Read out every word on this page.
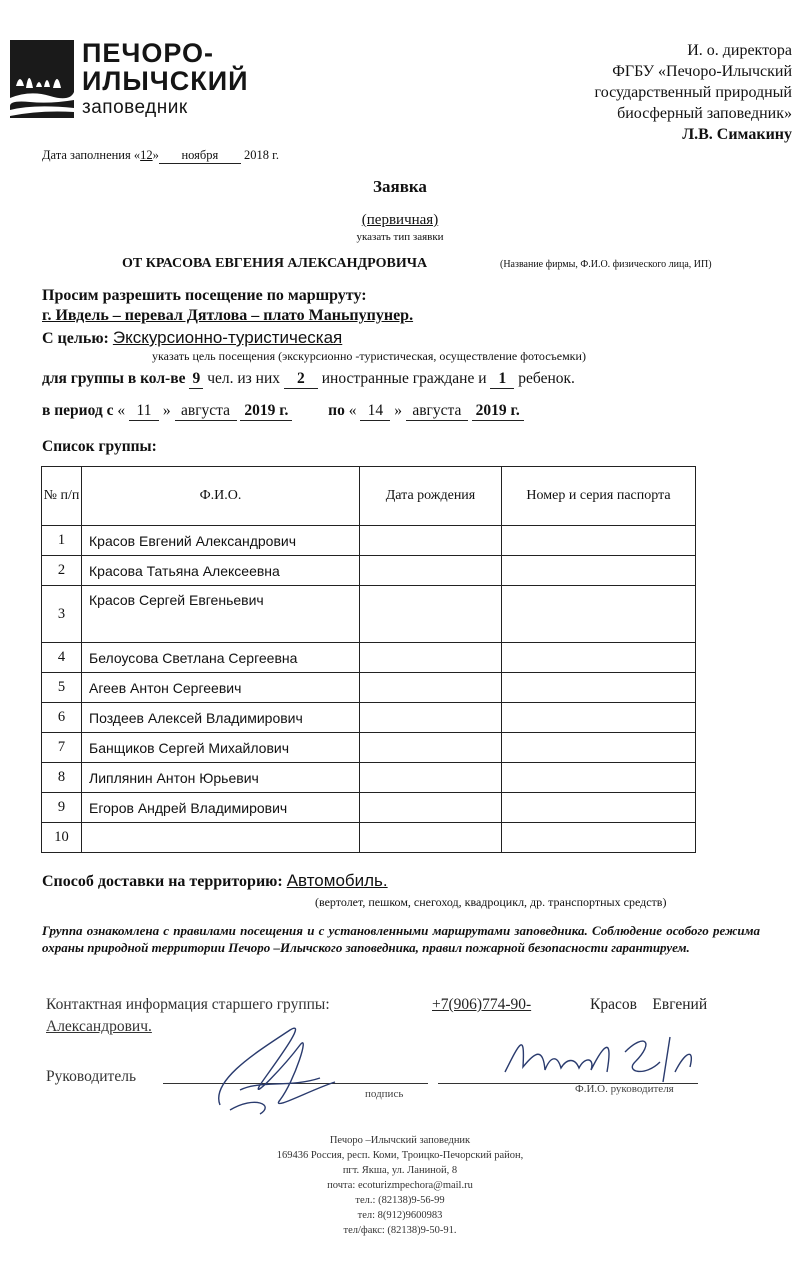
ПЕЧОРО-
ИЛЫЧСКИЙ
заповедник
И. о. директора
ФГБУ «Печоро-Илычский
государственный природный
биосферный заповедник»
Л.В. Симакину
Дата заполнения «12» ноября 2018 г.
Заявка
(первичная)
указать тип заявки
ОТ КРАСОВА ЕВГЕНИЯ АЛЕКСАНДРОВИЧА	(Название фирмы, Ф.И.О. физического лица, ИП)
Просим разрешить посещение по маршруту:
г. Ивдель – перевал Дятлова – плато Маньпупунер.
С целью: Экскурсионно-туристическая
указать цель посещения (экскурсионно -туристическая, осуществление фотосъемки)
для группы в кол-ве 9 чел. из них 2 иностранные граждане и 1 ребенок.
в период с « 11 » августа 2019 г.	по « 14 » августа 2019 г.
Список группы:
№ п/п	Ф.И.О.	Дата рождения	Номер и серия паспорта
1	Красов Евгений Александрович		
2	Красова Татьяна Алексеевна		
3	Красов Сергей Евгеньевич		
4	Белоусова Светлана Сергеевна		
5	Агеев Антон Сергеевич		
6	Поздеев Алексей Владимирович		
7	Банщиков Сергей Михайлович		
8	Липлянин Антон Юрьевич		
9	Егоров Андрей Владимирович		
10			
Способ доставки на территорию: Автомобиль.
(вертолет, пешком, снегоход, квадроцикл, др. транспортных средств)
Группа ознакомлена с правилами посещения и с установленными маршрутами заповедника. Соблюдение особого режима охраны природной территории Печоро –Илычского заповедника, правил пожарной безопасности гарантируем.
Контактная информация старшего группы:	+7(906)774-90-	Красов    Евгений
Александрович.
Руководитель
подпись	Ф.И.О. руководителя
Печоро –Илычский заповедник
169436 Россия, респ. Коми, Троицко-Печорский район,
пгт. Якша, ул. Ланиной, 8
почта: ecoturizmpechora@mail.ru
тел.: (82138)9-56-99
тел: 8(912)9600983
тел/факс: (82138)9-50-91.
